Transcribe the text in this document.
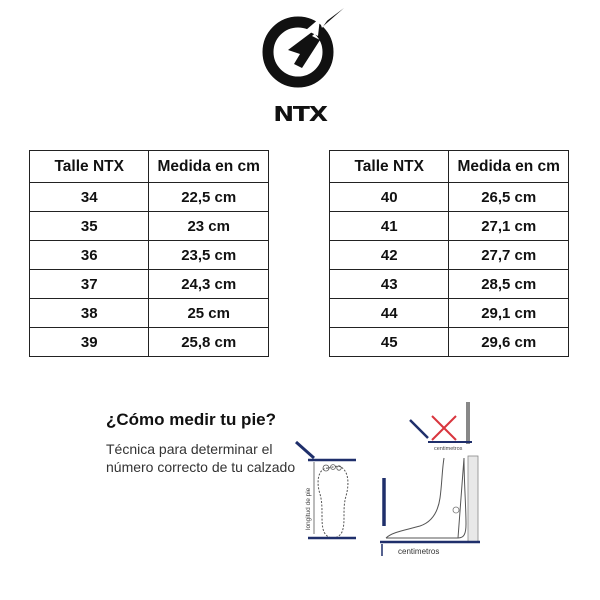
NTX
Talle NTX	Medida en cm
34	22,5 cm
35	23 cm
36	23,5 cm
37	24,3 cm
38	25 cm
39	25,8 cm
Talle NTX	Medida en cm
40	26,5 cm
41	27,1 cm
42	27,7 cm
43	28,5 cm
44	29,1 cm
45	29,6 cm
¿Cómo medir tu pie?
Técnica para determinar el número correcto de tu calzado
longitud de pie
centimetros
centimetros
